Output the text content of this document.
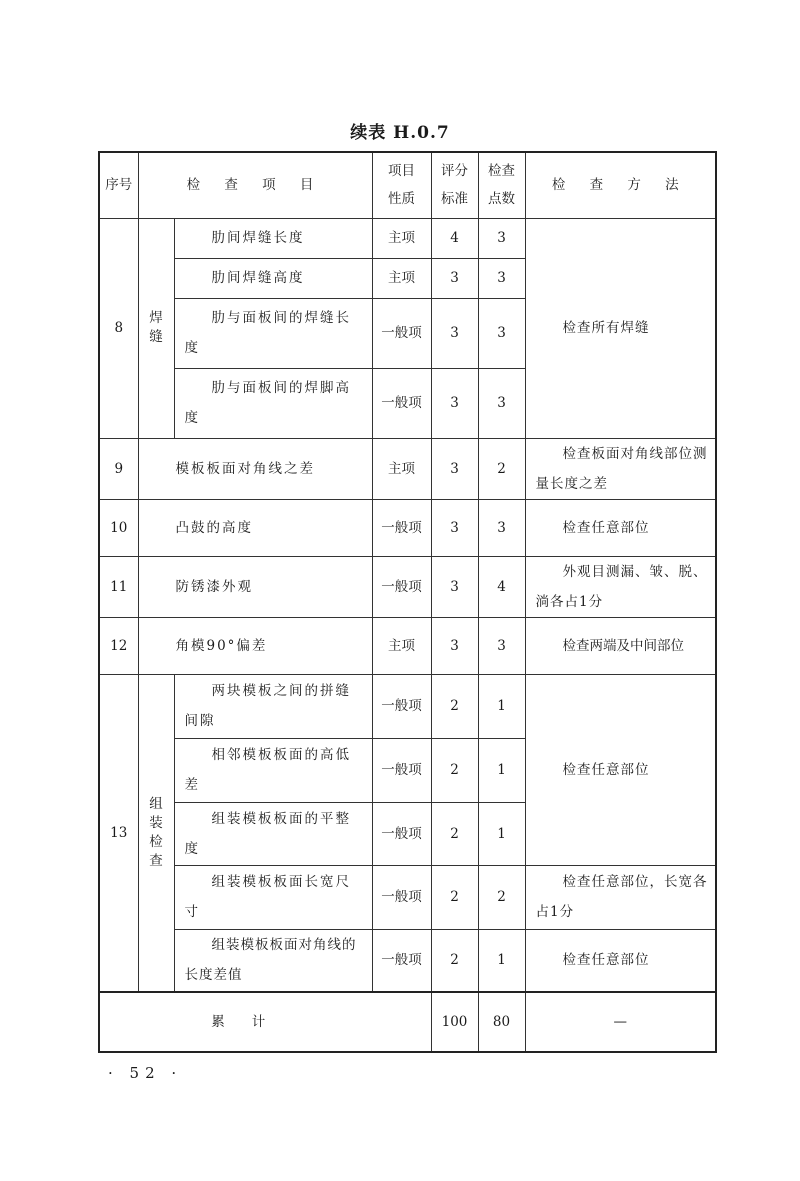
续表 H.0.7
序号	检 查 项 目		项目性质	评分标准	检查点数	检 查 方 法
8	焊缝	肋间焊缝长度	主项	4	3	检查所有焊缝
		肋间焊缝高度	主项	3	3	
		肋与面板间的焊缝长度	一般项	3	3	
		肋与面板间的焊脚高度	一般项	3	3	
9	模板板面对角线之差		主项	3	2	检查板面对角线部位测量长度之差
10	凸鼓的高度		一般项	3	3	检查任意部位
11	防锈漆外观		一般项	3	4	外观目测漏、皱、脱、淌各占1分
12	角模90°偏差		主项	3	3	检查两端及中间部位
13	组装检查	两块模板之间的拼缝间隙	一般项	2	1	检查任意部位
		相邻模板板面的高低差	一般项	2	1	
		组装模板板面的平整度	一般项	2	1	
		组装模板板面长宽尺寸	一般项	2	2	检查任意部位，长宽各占1分
		组装模板板面对角线的长度差值	一般项	2	1	检查任意部位
累　　计				100	80	—
· 52 ·
